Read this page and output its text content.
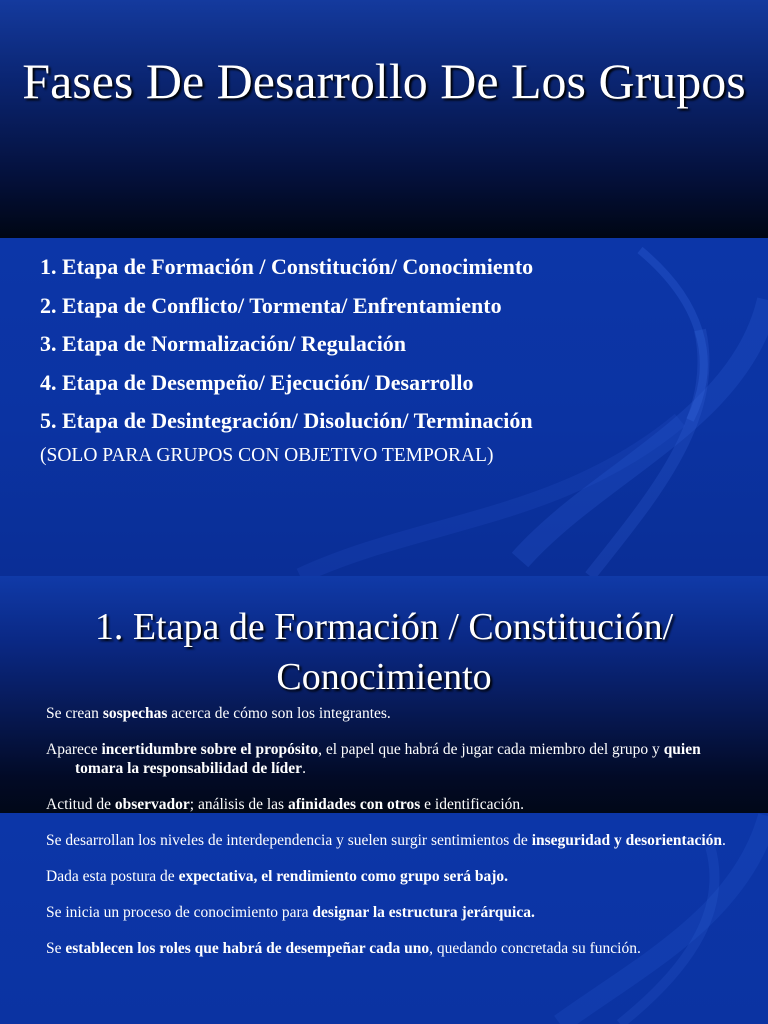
Fases De Desarrollo De Los Grupos
1. Etapa de Formación / Constitución/ Conocimiento
2. Etapa de Conflicto/ Tormenta/ Enfrentamiento
3. Etapa de Normalización/ Regulación
4. Etapa de Desempeño/ Ejecución/ Desarrollo
5. Etapa de Desintegración/ Disolución/ Terminación

(SOLO PARA GRUPOS CON OBJETIVO TEMPORAL)

1. Etapa de Formación / Constitución/ Conocimiento
Se crean sospechas acerca de cómo son los integrantes.
Aparece incertidumbre sobre el propósito, el papel que habrá de jugar cada miembro del grupo y quien tomara la responsabilidad de líder.
Actitud de observador; análisis de las afinidades con otros e identificación.
Se desarrollan los niveles de interdependencia y suelen surgir sentimientos de inseguridad y desorientación.
Dada esta postura de expectativa, el rendimiento como grupo será bajo.
Se inicia un proceso de conocimiento para designar la estructura jerárquica.
Se establecen los roles que habrá de desempeñar cada uno, quedando concretada su función.
